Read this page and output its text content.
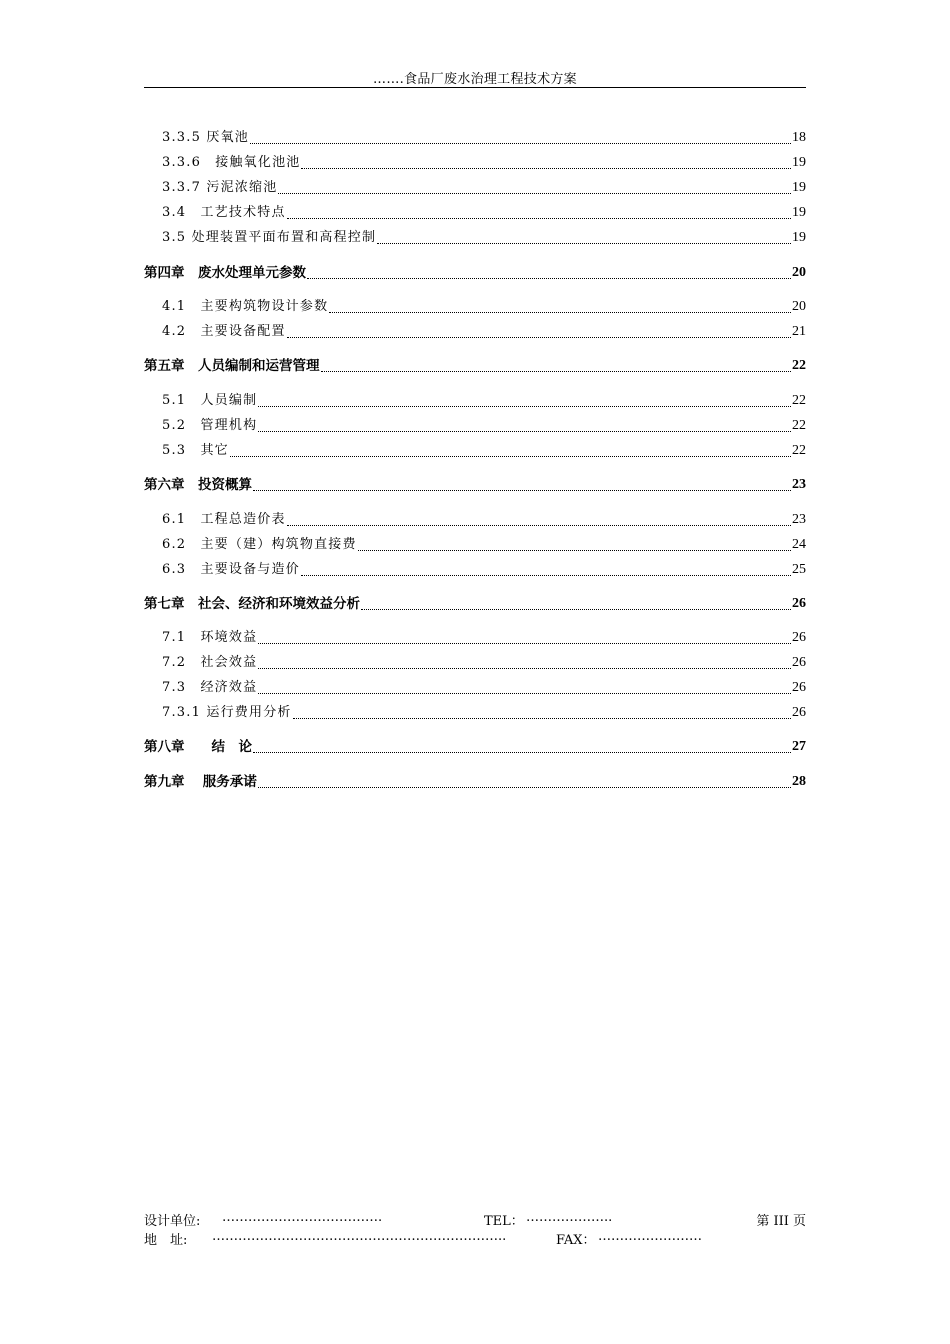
…….食品厂废水治理工程技术方案
3.3.5 厌氧池	18
3.3.6　接触氧化池池	19
3.3.7 污泥浓缩池	19
3.4　工艺技术特点	19
3.5 处理装置平面布置和高程控制	19
第四章　废水处理单元参数	20
4.1　主要构筑物设计参数	20
4.2　主要设备配置	21
第五章　人员编制和运营管理	22
5.1　人员编制	22
5.2　管理机构	22
5.3　其它	22
第六章　投资概算	23
6.1　工程总造价表	23
6.2　主要（建）构筑物直接费	24
6.3　主要设备与造价	25
第七章　社会、经济和环境效益分析	26
7.1　环境效益	26
7.2　社会效益	26
7.3　经济效益	26
7.3.1 运行费用分析	26
第八章　　结　论	27
第九章　 服务承诺	28
设计单位: ……………………………….	TEL： ………………..	第 III 页
地　址: …………………………………………………………..	FAX： ……………………
